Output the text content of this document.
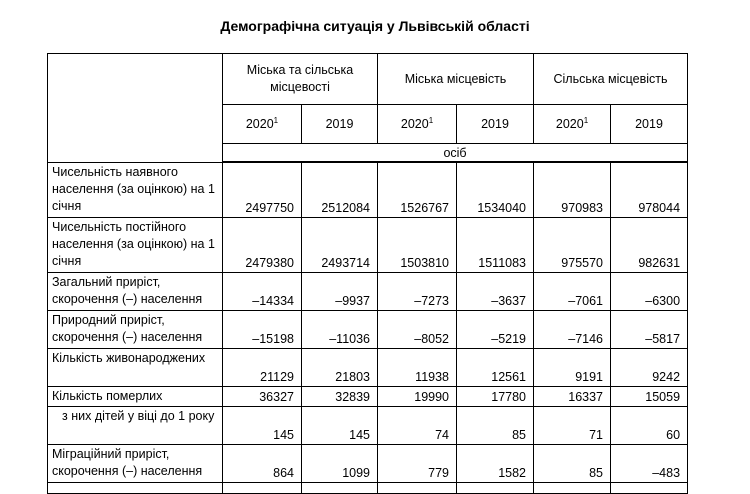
Демографічна ситуація у Львівській області
	Міська та сільська місцевості		Міська місцевість		Сільська місцевість	
	2020$^1$	2019	2020$^1$	2019	2020$^1$	2019
	осіб					
Чисельність наявного населення (за оцінкою) на 1 січня	2497750	2512084	1526767	1534040	970983	978044
Чисельність постійного населення (за оцінкою) на 1 січня	2479380	2493714	1503810	1511083	975570	982631
Загальний приріст, скорочення (–) населення	–14334	–9937	–7273	–3637	–7061	–6300
Природний приріст, скорочення (–) населення	–15198	–11036	–8052	–5219	–7146	–5817
Кількість живонароджених	21129	21803	11938	12561	9191	9242
Кількість померлих	36327	32839	19990	17780	16337	15059
з них дітей у віці до 1 року	145	145	74	85	71	60
Міграційний приріст, скорочення (–) населення	864	1099	779	1582	85	–483
